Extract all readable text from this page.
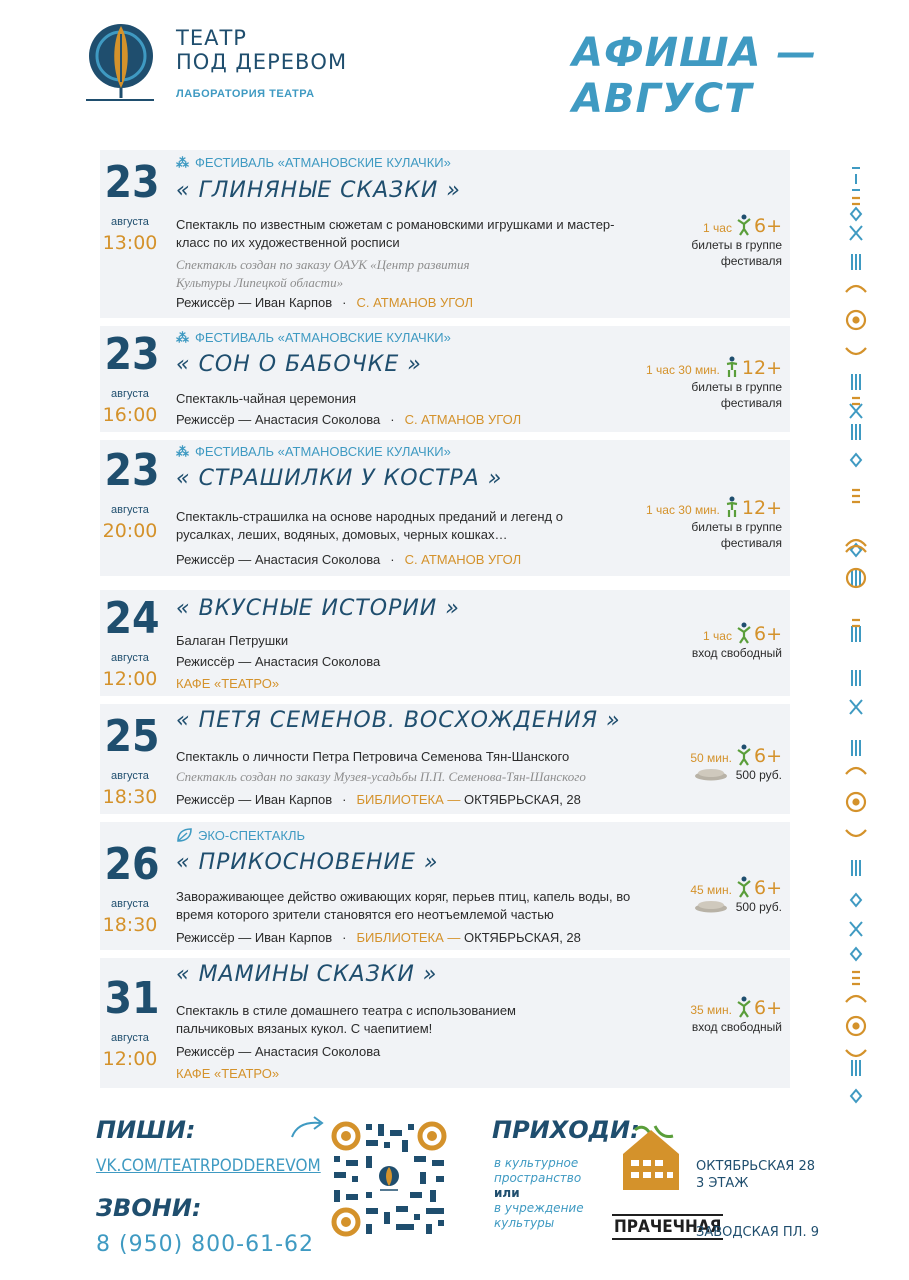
ТЕАТР
ПОД ДЕРЕВОМ
ЛАБОРАТОРИЯ ТЕАТРА
АФИША — АВГУСТ
23
августа
13:00
⁂ ФЕСТИВАЛЬ «АТМАНОВСКИЕ КУЛАЧКИ»
« ГЛИНЯНЫЕ СКАЗКИ »
Спектакль по известным сюжетам с романовскими игрушками и мастер-класс по их художественной росписи
Спектакль создан по заказу ОАУК «Центр развития Культуры Липецкой области»
Режиссёр — Иван Карпов · С. АТМАНОВ УГОЛ
1 час 6+
билеты в группе фестиваля
23
августа
16:00
⁂ ФЕСТИВАЛЬ «АТМАНОВСКИЕ КУЛАЧКИ»
« СОН О БАБОЧКЕ »
Спектакль-чайная церемония
Режиссёр — Анастасия Соколова · С. АТМАНОВ УГОЛ
1 час 30 мин. 12+
билеты в группе фестиваля
23
августа
20:00
⁂ ФЕСТИВАЛЬ «АТМАНОВСКИЕ КУЛАЧКИ»
« СТРАШИЛКИ У КОСТРА »
Спектакль-страшилка на основе народных преданий и легенд о русалках, леших, водяных, домовых, черных кошках…
Режиссёр — Анастасия Соколова · С. АТМАНОВ УГОЛ
1 час 30 мин. 12+
билеты в группе фестиваля
24
августа
12:00
« ВКУСНЫЕ ИСТОРИИ »
Балаган Петрушки
Режиссёр — Анастасия Соколова
КАФЕ «ТЕАТРО»
1 час 6+
вход свободный
25
августа
18:30
« ПЕТЯ СЕМЕНОВ. ВОСХОЖДЕНИЯ »
Спектакль о личности Петра Петровича Семенова Тян-Шанского
Спектакль создан по заказу Музея-усадьбы П.П. Семенова-Тян-Шанского
Режиссёр — Иван Карпов · БИБЛИОТЕКА — ОКТЯБРЬСКАЯ, 28
50 мин. 6+
500 руб.
26
августа
18:30
ЭКО-СПЕКТАКЛЬ
« ПРИКОСНОВЕНИЕ »
Завораживающее действо оживающих коряг, перьев птиц, капель воды, во время которого зрители становятся его неотъемлемой частью
Режиссёр — Иван Карпов · БИБЛИОТЕКА — ОКТЯБРЬСКАЯ, 28
45 мин. 6+
500 руб.
31
августа
12:00
« МАМИНЫ СКАЗКИ »
Спектакль в стиле домашнего театра с использованием пальчиковых вязаных кукол. С чаепитием!
Режиссёр — Анастасия Соколова
КАФЕ «ТЕАТРО»
35 мин. 6+
вход свободный
ПИШИ:
VK.COM/TEATRPODDEREVOM
ЗВОНИ:
8 (950) 800-61-62
ПРИХОДИ:
в культурное
пространство
или
в учреждение
культуры
ОКТЯБРЬСКАЯ 28
3 ЭТАЖ
ПРАЧЕЧНАЯ
ЗАВОДСКАЯ ПЛ. 9
